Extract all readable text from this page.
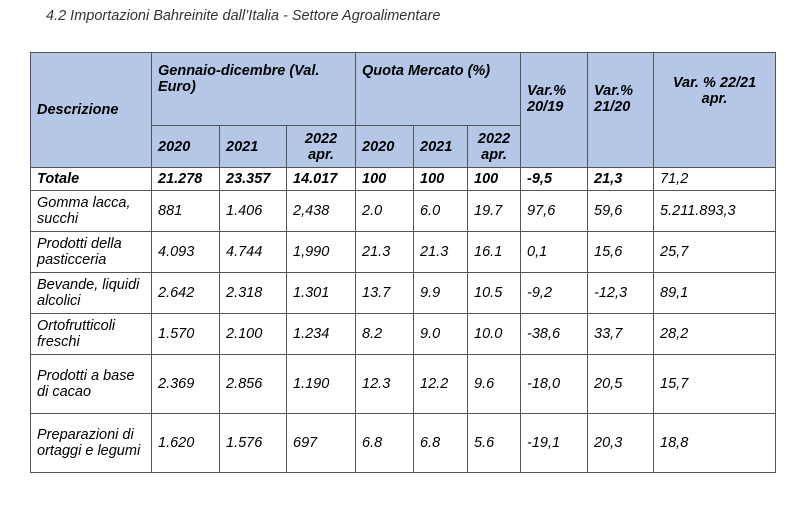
4.2 Importazioni Bahreinite dall’Italia - Settore Agroalimentare
Descrizione	Gennaio-dicembre (Val. Euro)			Quota Mercato (%)			Var.% 20/19	Var.% 21/20	Var. % 22/21 apr.
	2020	2021	2022 apr.	2020	2021	2022 apr.			
Totale	21.278	23.357	14.017	100	100	100	-9,5	21,3	71,2
Gomma lacca, succhi	881	1.406	2,438	2.0	6.0	19.7	97,6	59,6	5.211.893,3
Prodotti della pasticceria	4.093	4.744	1,990	21.3	21.3	16.1	0,1	15,6	25,7
Bevande, liquidi alcolici	2.642	2.318	1.301	13.7	9.9	10.5	-9,2	-12,3	89,1
Ortofrutticoli freschi	1.570	2.100	1.234	8.2	9.0	10.0	-38,6	33,7	28,2
Prodotti a base di cacao	2.369	2.856	1.190	12.3	12.2	9.6	-18,0	20,5	15,7
Preparazioni di ortaggi e legumi	1.620	1.576	697	6.8	6.8	5.6	-19,1	20,3	18,8
